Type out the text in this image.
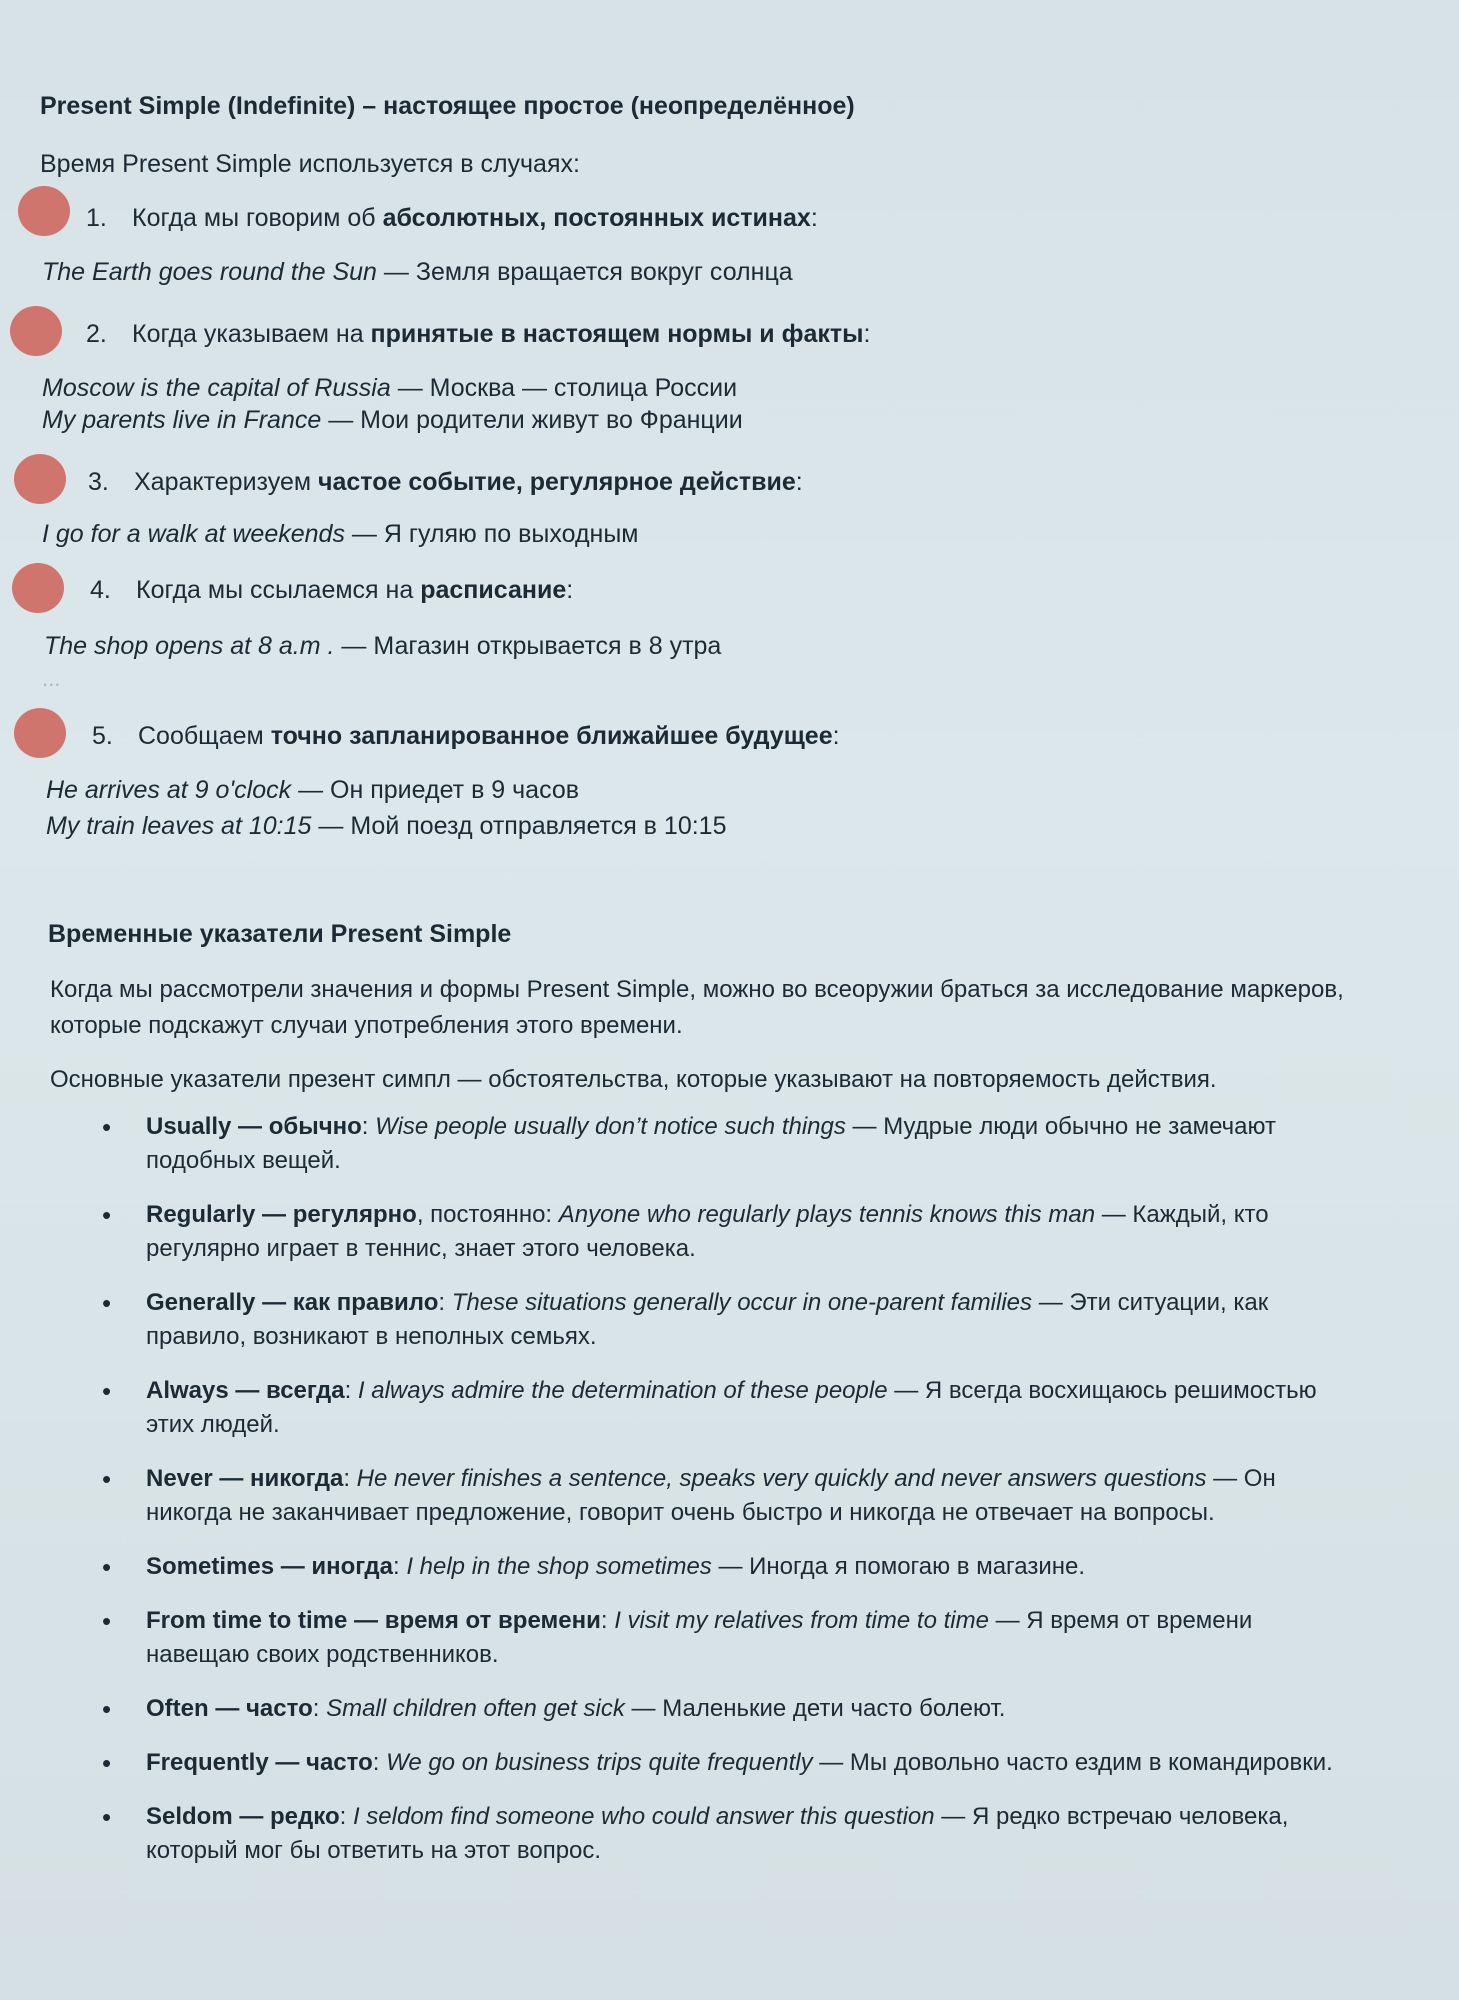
Present Simple (Indefinite) – настоящее простое (неопределённое)
Время Present Simple используется в случаях:
1. Когда мы говорим об абсолютных, постоянных истинах:
The Earth goes round the Sun — Земля вращается вокруг солнца
2. Когда указываем на принятые в настоящем нормы и факты:
Moscow is the capital of Russia — Москва — столица России
My parents live in France — Мои родители живут во Франции
3. Характеризуем частое событие, регулярное действие:
I go for a walk at weekends — Я гуляю по выходным
4. Когда мы ссылаемся на расписание:
The shop opens at 8 a.m . — Магазин открывается в 8 утра
...
5. Сообщаем точно запланированное ближайшее будущее:
He arrives at 9 o'clock — Он приедет в 9 часов
My train leaves at 10:15 — Мой поезд отправляется в 10:15
Временные указатели Present Simple
Когда мы рассмотрели значения и формы Present Simple, можно во всеоружии браться за исследование маркеров, которые подскажут случаи употребления этого времени.
Основные указатели презент симпл — обстоятельства, которые указывают на повторяемость действия.
• Usually — обычно: Wise people usually don’t notice such things — Мудрые люди обычно не замечают подобных вещей.
• Regularly — регулярно, постоянно: Anyone who regularly plays tennis knows this man — Каждый, кто регулярно играет в теннис, знает этого человека.
• Generally — как правило: These situations generally occur in one-parent families — Эти ситуации, как правило, возникают в неполных семьях.
• Always — всегда: I always admire the determination of these people — Я всегда восхищаюсь решимостью этих людей.
• Never — никогда: He never finishes a sentence, speaks very quickly and never answers questions — Он никогда не заканчивает предложение, говорит очень быстро и никогда не отвечает на вопросы.
• Sometimes — иногда: I help in the shop sometimes — Иногда я помогаю в магазине.
• From time to time — время от времени: I visit my relatives from time to time — Я время от времени навещаю своих родственников.
• Often — часто: Small children often get sick — Маленькие дети часто болеют.
• Frequently — часто: We go on business trips quite frequently — Мы довольно часто ездим в командировки.
• Seldom — редко: I seldom find someone who could answer this question — Я редко встречаю человека, который мог бы ответить на этот вопрос.
